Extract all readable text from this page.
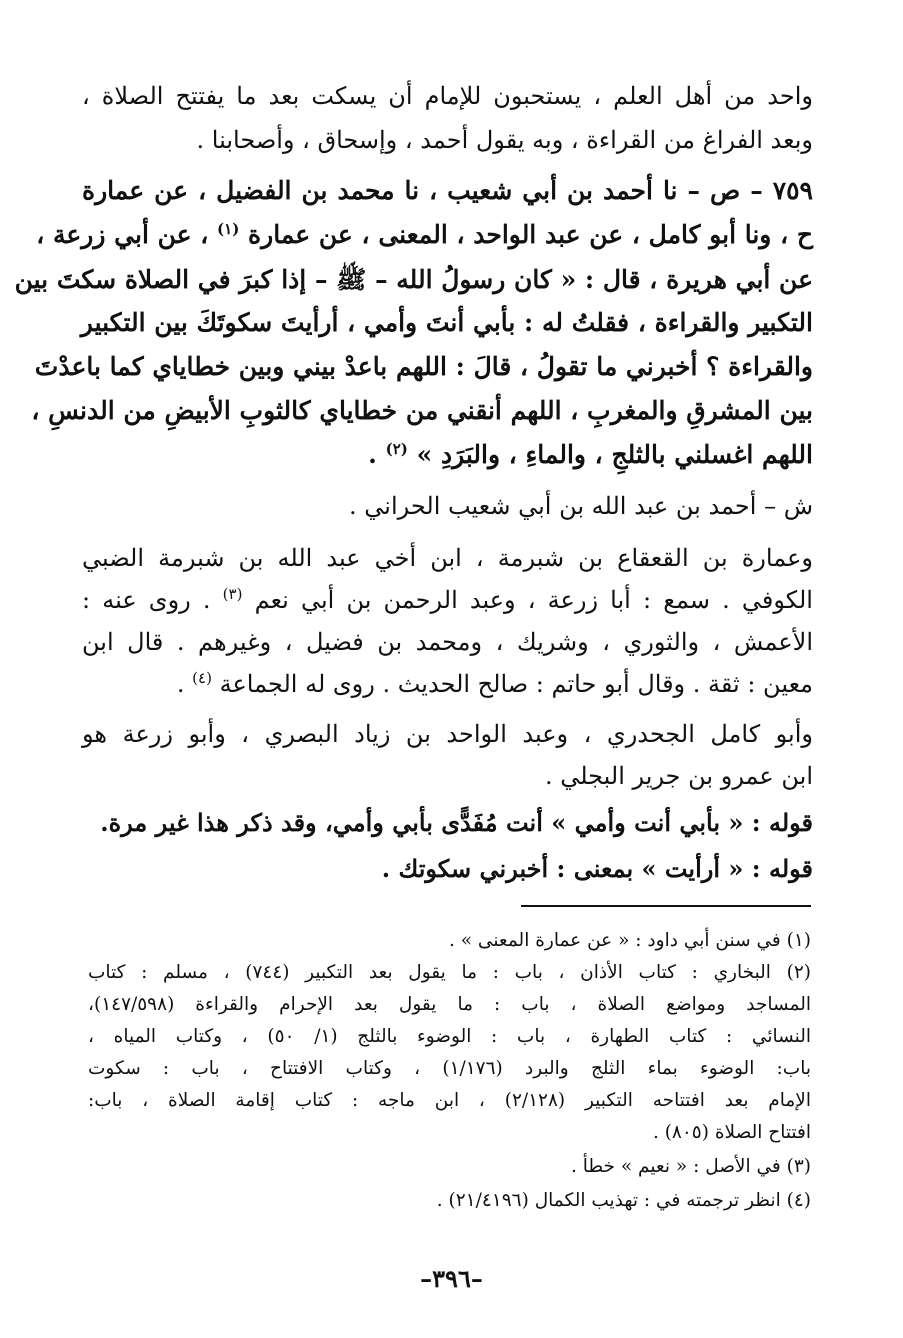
واحد من أهل العلم ، يستحبون للإمام أن يسكت بعد ما يفتتح الصلاة ،
وبعد الفراغ من القراءة ، وبه يقول أحمد ، وإسحاق ، وأصحابنا .
٧٥٩ – ص – نا أحمد بن أبي شعيب ، نا محمد بن الفضيل ، عن عمارة
ح ، ونا أبو كامل ، عن عبد الواحد ، المعنى ، عن عمارة $^{(١)}$ ، عن أبي زرعة ،
عن أبي هريرة ، قال : « كان رسولُ الله – ﷺ – إذا كبرَ في الصلاة سكتَ بين
التكبير والقراءة ، فقلتُ له : بأبي أنتَ وأمي ، أرأيتَ سكوتَكَ بين التكبير
والقراءة ؟ أخبرني ما تقولُ ، قالَ : اللهم باعدْ بيني وبين خطاياي كما باعدْتَ
بين المشرقِ والمغربِ ، اللهم أنقني من خطاياي كالثوبِ الأبيضِ من الدنسِ ،
اللهم اغسلني بالثلجِ ، والماءِ ، والبَرَدِ » $^{(٢)}$ .
ش – أحمد بن عبد الله بن أبي شعيب الحراني .
وعمارة بن القعقاع بن شبرمة ، ابن أخي عبد الله بن شبرمة الضبي
الكوفي . سمع : أبا زرعة ، وعبد الرحمن بن أبي نعم $^{(٣)}$ . روى عنه :
الأعمش ، والثوري ، وشريك ، ومحمد بن فضيل ، وغيرهم . قال ابن
معين : ثقة . وقال أبو حاتم : صالح الحديث . روى له الجماعة $^{(٤)}$ .
وأبو كامل الجحدري ، وعبد الواحد بن زياد البصري ، وأبو زرعة هو
ابن عمرو بن جرير البجلي .
قوله : « بأبي أنت وأمي » أنت مُفَدًّى بأبي وأمي، وقد ذكر هذا غير مرة.
قوله : « أرأيت » بمعنى : أخبرني سكوتك .
(١) في سنن أبي داود : « عن عمارة المعنى » .
(٢) البخاري : كتاب الأذان ، باب : ما يقول بعد التكبير (٧٤٤) ، مسلم : كتاب
المساجد ومواضع الصلاة ، باب : ما يقول بعد الإحرام والقراءة (١٤٧/٥٩٨)،
النسائي : كتاب الطهارة ، باب : الوضوء بالثلج (١/ ٥٠) ، وكتاب المياه ،
باب: الوضوء بماء الثلج والبرد (١/١٧٦) ، وكتاب الافتتاح ، باب : سكوت
الإمام بعد افتتاحه التكبير (٢/١٢٨) ، ابن ماجه : كتاب إقامة الصلاة ، باب:
افتتاح الصلاة (٨٠٥) .
(٣) في الأصل : « نعيم » خطأ .
(٤) انظر ترجمته في : تهذيب الكمال (٢١/٤١٩٦) .
–٣٩٦–
